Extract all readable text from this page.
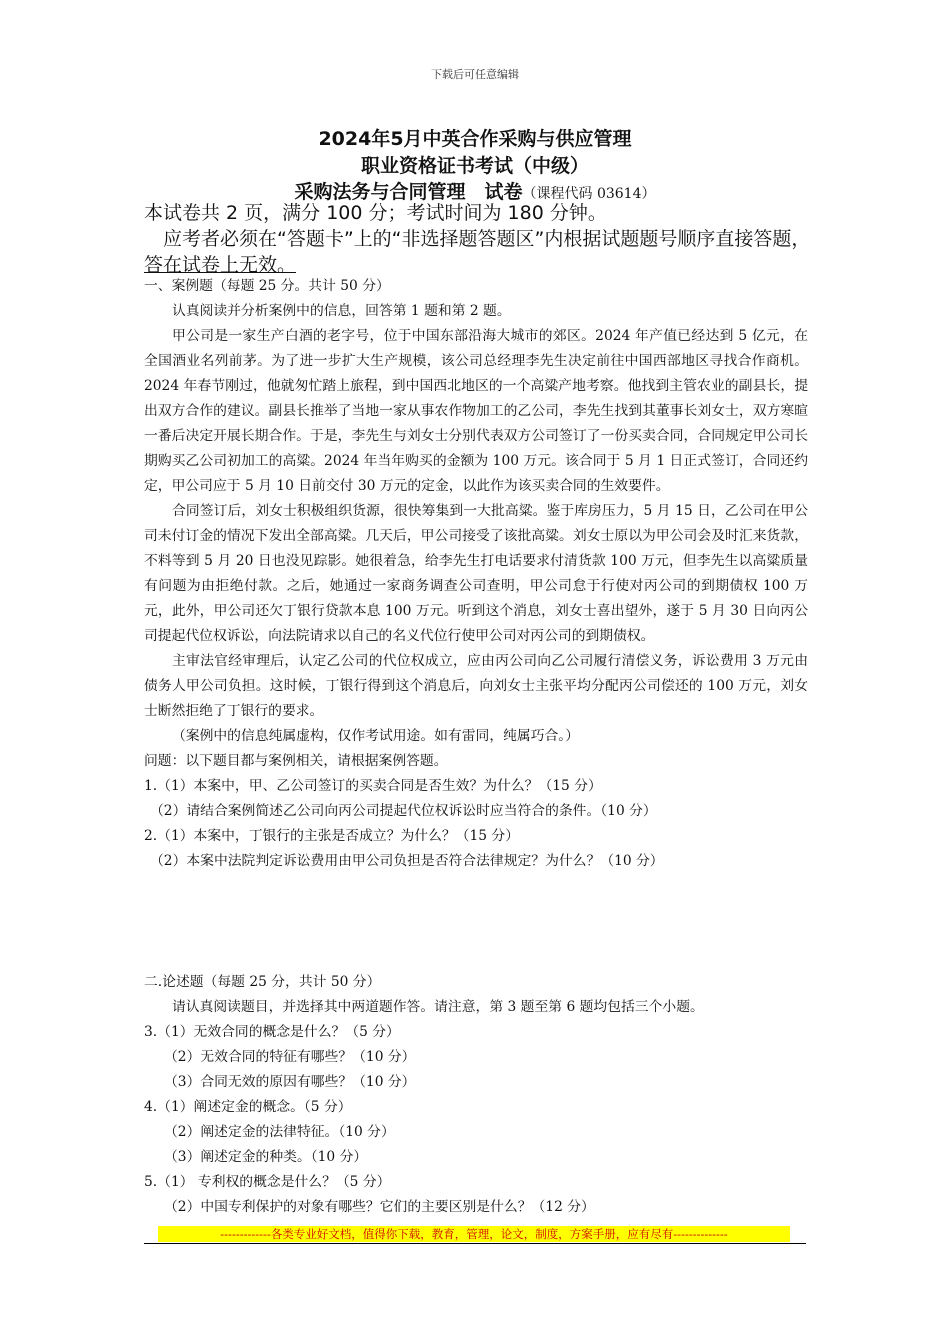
下载后可任意编辑
2024年5月中英合作采购与供应管理
职业资格证书考试（中级）
采购法务与合同管理　试卷（课程代码 03614）
本试卷共 2 页，满分 100 分；考试时间为 180 分钟。
　应考者必须在“答题卡”上的“非选择题答题区”内根据试题题号顺序直接答题，答在试卷上无效。

一、案例题（每题 25 分。共计 50 分）

认真阅读并分析案例中的信息，回答第 1 题和第 2 题。

甲公司是一家生产白酒的老字号，位于中国东部沿海大城市的郊区。2024 年产值已经达到 5 亿元，在全国酒业名列前茅。为了进一步扩大生产规模，该公司总经理李先生决定前往中国西部地区寻找合作商机。2024 年春节刚过，他就匆忙踏上旅程，到中国西北地区的一个高粱产地考察。他找到主管农业的副县长，提出双方合作的建议。副县长推举了当地一家从事农作物加工的乙公司，李先生找到其董事长刘女士，双方寒暄一番后决定开展长期合作。于是，李先生与刘女士分别代表双方公司签订了一份买卖合同，合同规定甲公司长期购买乙公司初加工的高粱。2024 年当年购买的金额为 100 万元。该合同于 5 月 1 日正式签订，合同还约定，甲公司应于 5 月 10 日前交付 30 万元的定金，以此作为该买卖合同的生效要件。

合同签订后，刘女士积极组织货源，很快筹集到一大批高粱。鉴于库房压力，5 月 15 日，乙公司在甲公司未付订金的情况下发出全部高粱。几天后，甲公司接受了该批高粱。刘女士原以为甲公司会及时汇来货款，不料等到 5 月 20 日也没见踪影。她很着急，给李先生打电话要求付清货款 100 万元，但李先生以高粱质量有问题为由拒绝付款。之后，她通过一家商务调查公司查明，甲公司怠于行使对丙公司的到期债权 100 万元，此外，甲公司还欠丁银行贷款本息 100 万元。听到这个消息，刘女士喜出望外，遂于 5 月 30 日向丙公司提起代位权诉讼，向法院请求以自己的名义代位行使甲公司对丙公司的到期债权。

主审法官经审理后，认定乙公司的代位权成立，应由丙公司向乙公司履行清偿义务，诉讼费用 3 万元由债务人甲公司负担。这时候，丁银行得到这个消息后，向刘女士主张平均分配丙公司偿还的 100 万元，刘女士断然拒绝了丁银行的要求。

（案例中的信息纯属虚构，仅作考试用途。如有雷同，纯属巧合。）

问题：以下题目都与案例相关，请根据案例答题。

1.（1）本案中，甲、乙公司签订的买卖合同是否生效？为什么？（15 分）

（2）请结合案例简述乙公司向丙公司提起代位权诉讼时应当符合的条件。（10 分）

2.（1）本案中，丁银行的主张是否成立？为什么？（15 分）

（2）本案中法院判定诉讼费用由甲公司负担是否符合法律规定？为什么？（10 分）

二.论述题（每题 25 分，共计 50 分）

请认真阅读题目，并选择其中两道题作答。请注意，第 3 题至第 6 题均包括三个小题。

3.（1）无效合同的概念是什么？（5 分）

（2）无效合同的特征有哪些？（10 分）

（3）合同无效的原因有哪些？（10 分）

4.（1）阐述定金的概念。（5 分）

（2）阐述定金的法律特征。（10 分）

（3）阐述定金的种类。（10 分）

5.（1） 专利权的概念是什么？（5 分）

（2）中国专利保护的对象有哪些？它们的主要区别是什么？（12 分）

-------------各类专业好文档，值得你下载，教育，管理，论文，制度，方案手册，应有尽有--------------
